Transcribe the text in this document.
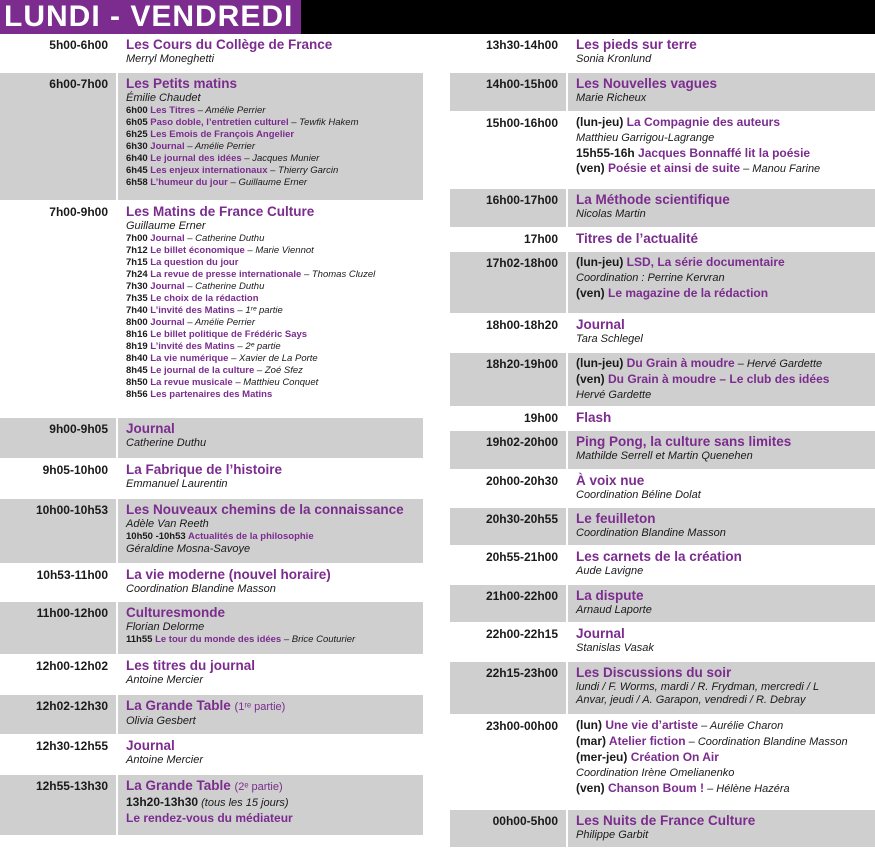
LUNDI - VENDREDI
5h00-6h00	Les Cours du Collège de France
Merryl Moneghetti
6h00-7h00	Les Petits matins
Émilie Chaudet
6h00 Les Titres – Amélie Perrier
6h05 Paso doble, l’entretien culturel – Tewfik Hakem
6h25 Les Emois de François Angelier
6h30 Journal – Amélie Perrier
6h40 Le journal des idées – Jacques Munier
6h45 Les enjeux internationaux – Thierry Garcin
6h58 L’humeur du jour – Guillaume Erner
7h00-9h00	Les Matins de France Culture
Guillaume Erner
7h00 Journal – Catherine Duthu
7h12 Le billet économique – Marie Viennot
7h15 La question du jour
7h24 La revue de presse internationale – Thomas Cluzel
7h30 Journal – Catherine Duthu
7h35 Le choix de la rédaction
7h40 L’invité des Matins – 1ʳᵉ partie
8h00 Journal – Amélie Perrier
8h16 Le billet politique de Frédéric Says
8h19 L’invité des Matins – 2ᵉ partie
8h40 La vie numérique – Xavier de La Porte
8h45 Le journal de la culture – Zoé Sfez
8h50 La revue musicale – Matthieu Conquet
8h56 Les partenaires des Matins
9h00-9h05	Journal
Catherine Duthu
9h05-10h00	La Fabrique de l’histoire
Emmanuel Laurentin
10h00-10h53	Les Nouveaux chemins de la connaissance
Adèle Van Reeth
10h50 -10h53 Actualités de la philosophie
Géraldine Mosna-Savoye
10h53-11h00	La vie moderne (nouvel horaire)
Coordination Blandine Masson
11h00-12h00	Culturesmonde
Florian Delorme
11h55 Le tour du monde des idées – Brice Couturier
12h00-12h02	Les titres du journal
Antoine Mercier
12h02-12h30	La Grande Table (1ʳᵉ partie)
Olivia Gesbert
12h30-12h55	Journal
Antoine Mercier
12h55-13h30	La Grande Table (2ᵉ partie)
13h20-13h30 (tous les 15 jours)
Le rendez-vous du médiateur
13h30-14h00	Les pieds sur terre
Sonia Kronlund
14h00-15h00	Les Nouvelles vagues
Marie Richeux
15h00-16h00	(lun-jeu) La Compagnie des auteurs
Matthieu Garrigou-Lagrange
15h55-16h Jacques Bonnaffé lit la poésie
(ven) Poésie et ainsi de suite – Manou Farine
16h00-17h00	La Méthode scientifique
Nicolas Martin
17h00	Titres de l’actualité
17h02-18h00	(lun-jeu) LSD, La série documentaire
Coordination : Perrine Kervran
(ven) Le magazine de la rédaction
18h00-18h20	Journal
Tara Schlegel
18h20-19h00	(lun-jeu) Du Grain à moudre – Hervé Gardette
(ven) Du Grain à moudre – Le club des idées
Hervé Gardette
19h00	Flash
19h02-20h00	Ping Pong, la culture sans limites
Mathilde Serrell et Martin Quenehen
20h00-20h30	À voix nue
Coordination Béline Dolat
20h30-20h55	Le feuilleton
Coordination Blandine Masson
20h55-21h00	Les carnets de la création
Aude Lavigne
21h00-22h00	La dispute
Arnaud Laporte
22h00-22h15	Journal
Stanislas Vasak
22h15-23h00	Les Discussions du soir
lundi / F. Worms, mardi / R. Frydman, mercredi / L
Anvar, jeudi / A. Garapon, vendredi / R. Debray
23h00-00h00	(lun) Une vie d’artiste – Aurélie Charon
(mar) Atelier fiction – Coordination Blandine Masson
(mer-jeu) Création On Air
Coordination Irène Omelianenko
(ven) Chanson Boum ! – Hélène Hazéra
00h00-5h00	Les Nuits de France Culture
Philippe Garbit
